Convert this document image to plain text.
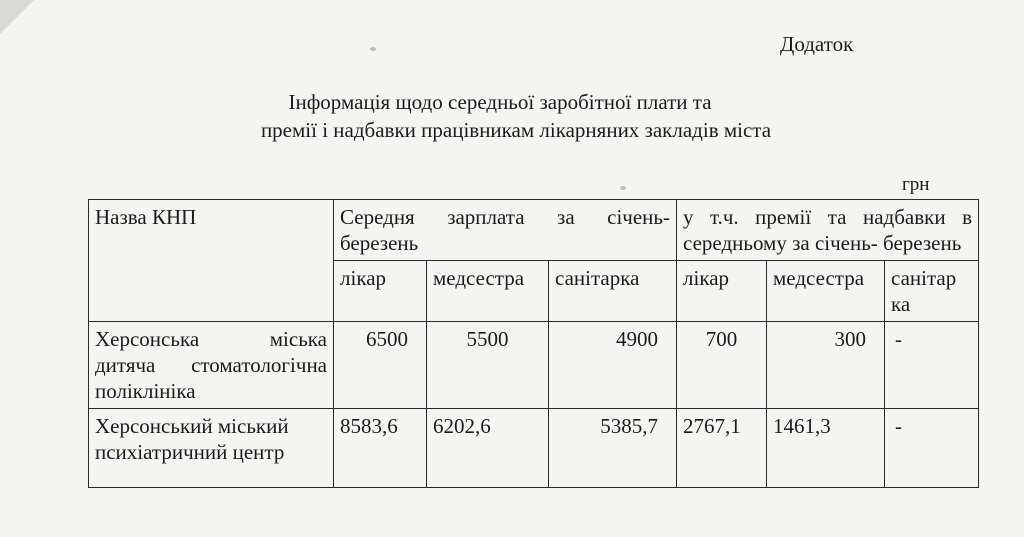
Додаток
Інформація щодо середньої заробітної плати та
премії і надбавки працівникам лікарняних закладів міста
грн
Назва КНП	Середня зарплата за січень- березень			у т.ч. премії та надбавки в середньому за січень- березень		
	лікар	медсестра	санітарка	лікар	медсестра	санітар ка
Херсонська міська дитяча стоматологічна поліклініка	6500	5500	4900	700	300	-
Херсонський міський психіатричний центр	8583,6	6202,6	5385,7	2767,1	1461,3	-
